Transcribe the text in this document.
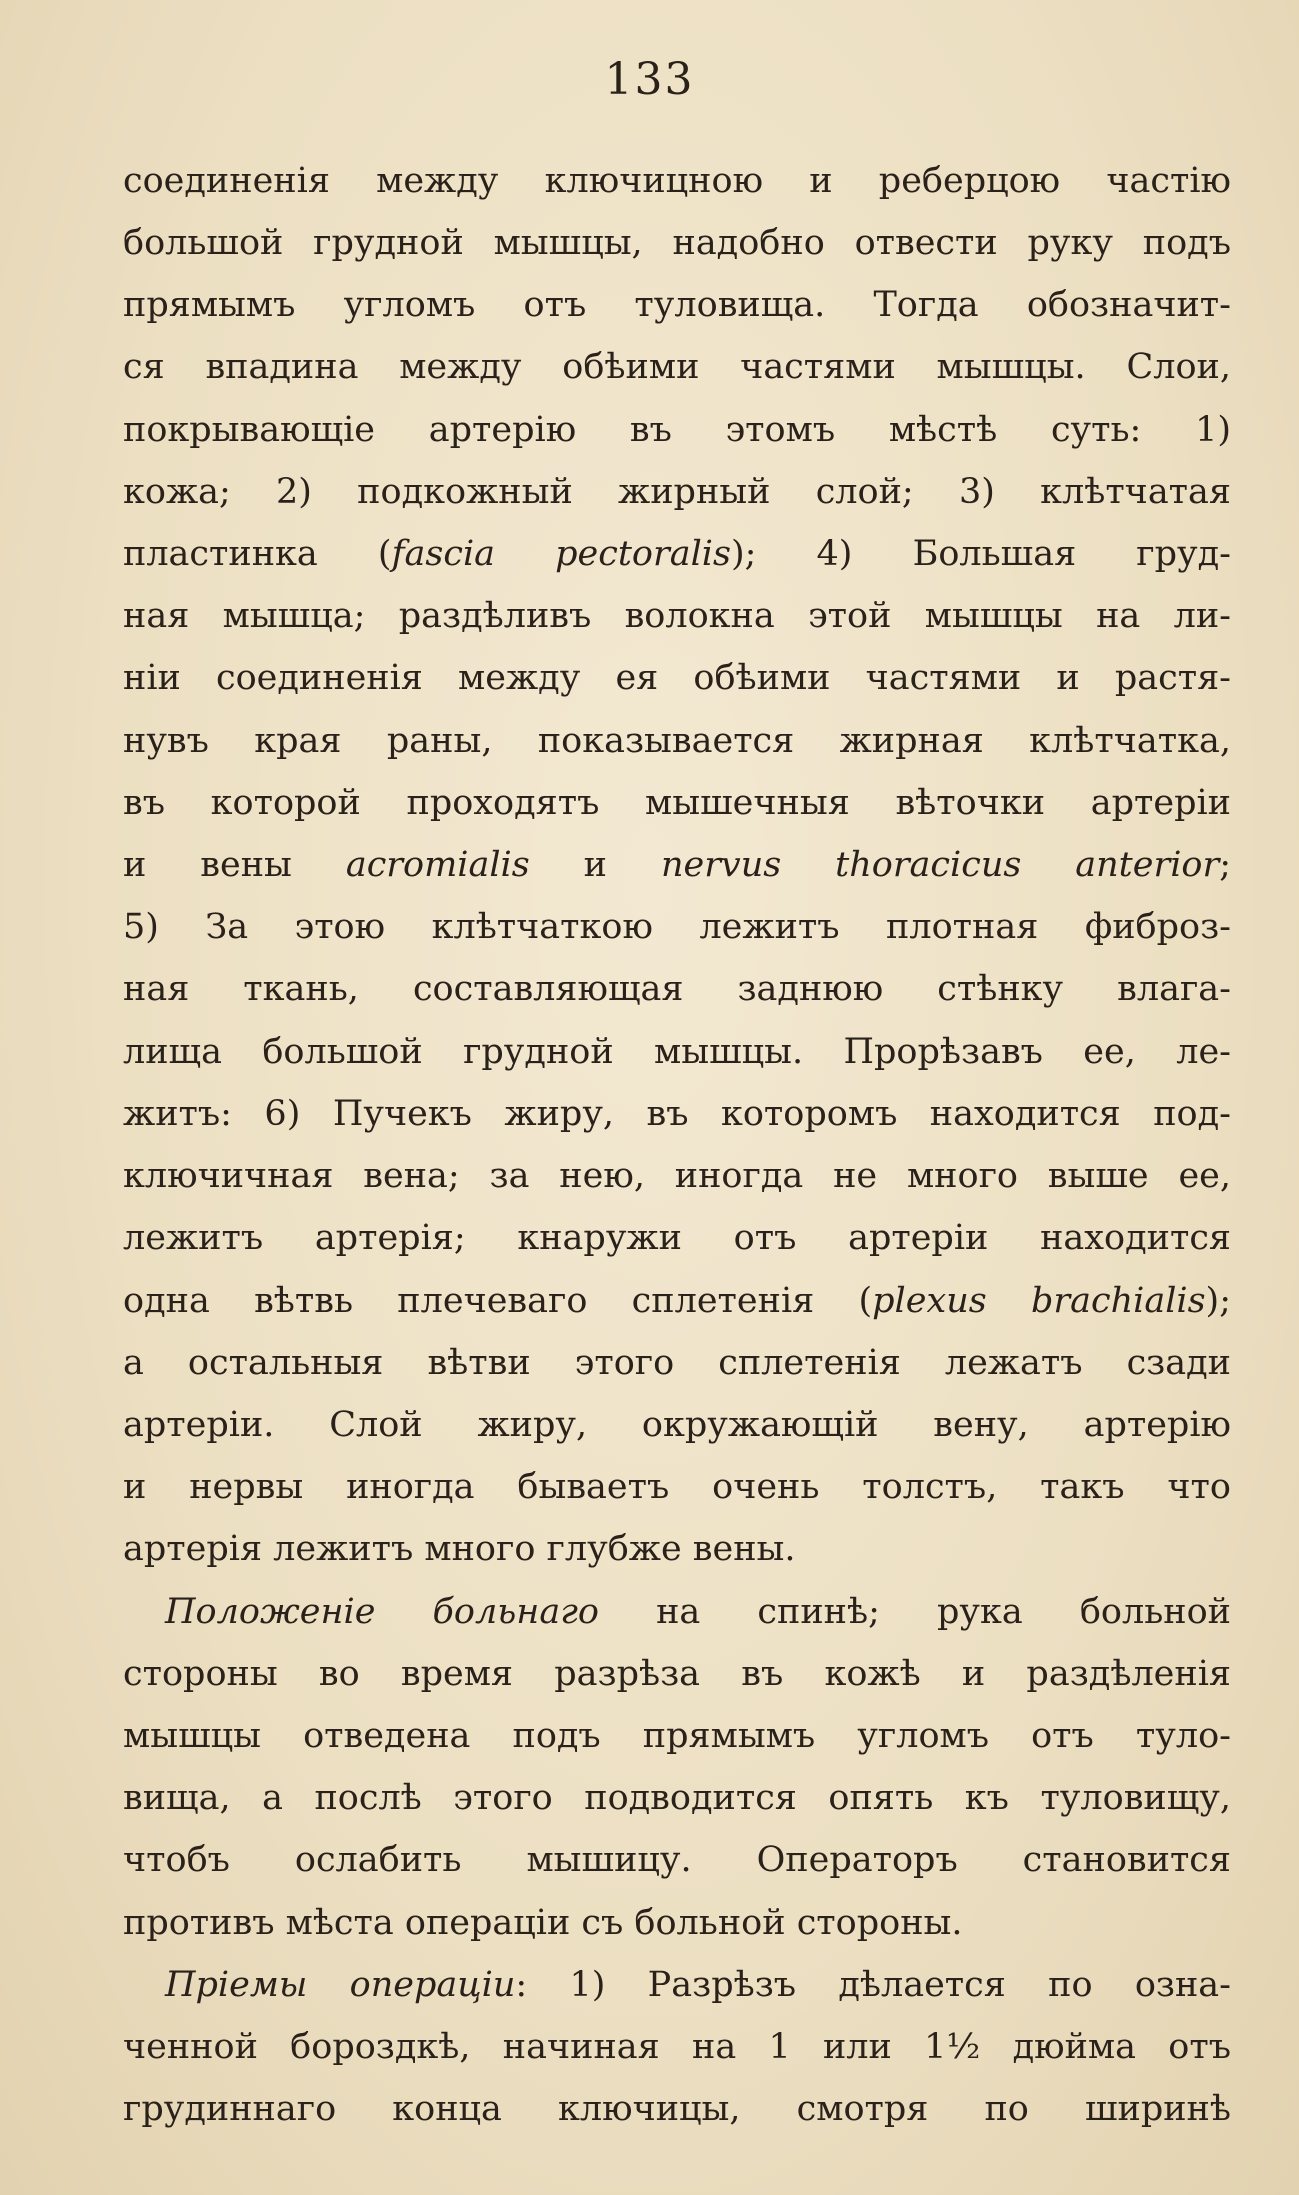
133
соединенія между ключицною и реберцою частію
большой грудной мышцы, надобно отвести руку подъ
прямымъ угломъ отъ туловища. Тогда обозначит-
ся впадина между обѣими частями мышцы. Слои,
покрывающіе артерію въ этомъ мѣстѣ суть: 1)
кожа; 2) подкожный жирный слой; 3) клѣтчатая
пластинка (fascia pectoralis); 4) Большая груд-
ная мышца; раздѣливъ волокна этой мышцы на ли-
ніи соединенія между ея обѣими частями и растя-
нувъ края раны, показывается жирная клѣтчатка,
въ которой проходятъ мышечныя вѣточки артеріи
и вены acromialis и nervus thoracicus anterior;
5) За этою клѣтчаткою лежитъ плотная фиброз-
ная ткань, составляющая заднюю стѣнку влага-
лища большой грудной мышцы. Прорѣзавъ ее, ле-
житъ: 6) Пучекъ жиру, въ которомъ находится под-
ключичная вена; за нею, иногда не много выше ее,
лежитъ артерія; кнаружи отъ артеріи находится
одна вѣтвь плечеваго сплетенія (plexus brachialis);
а остальныя вѣтви этого сплетенія лежатъ сзади
артеріи. Слой жиру, окружающій вену, артерію
и нервы иногда бываетъ очень толстъ, такъ что
артерія лежитъ много глубже вены.
Положеніе больнаго на спинѣ; рука больной
стороны во время разрѣза въ кожѣ и раздѣленія
мышцы отведена подъ прямымъ угломъ отъ туло-
вища, а послѣ этого подводится опять къ туловищу,
чтобъ ослабить мышицу. Операторъ становится
противъ мѣста операціи съ больной стороны.
Пріемы операціи: 1) Разрѣзъ дѣлается по озна-
ченной бороздкѣ, начиная на 1 или 1½ дюйма отъ
грудиннаго конца ключицы, смотря по ширинѣ
